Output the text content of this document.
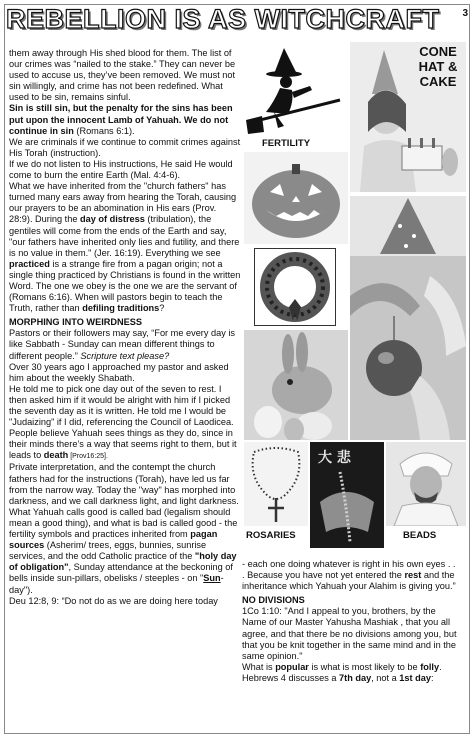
REBELLION IS AS WITCHCRAFT 3

them away through His shed blood for them. The list of our crimes was “nailed to the stake.” They can never be used to accuse us, they’ve been removed. We must not sin willingly, and crime has not been redefined. What used to be sin, remains sinful.

Sin is still sin, but the penalty for the sins has been put upon the innocent Lamb of Yahuah. We do not continue in sin (Romans 6:1).

We are criminals if we continue to commit crimes against His Torah (instruction).

If we do not listen to His instructions, He said He would come to burn the entire Earth (Mal. 4:4-6).

What we have inherited from the "church fathers" has turned many ears away from hearing the Torah, causing our prayers to be an abomination in His ears (Prov. 28:9). During the day of distress (tribulation), the gentiles will come from the ends of the Earth and say, "our fathers have inherited only lies and futility, and there is no value in them." (Jer. 16:19). Everything we see practiced is a strange fire from a pagan origin; not a single thing practiced by Christians is found in the written Word. The one we obey is the one we are the servant of (Romans 6:16). When will pastors begin to teach the Truth, rather than defiling traditions?

MORPHING INTO WEIRDNESS

Pastors or their followers may say, “For me every day is like Sabbath - Sunday can mean different things to different people.” Scripture text please?

Over 30 years ago I approached my pastor and asked him about the weekly Shabath.

He told me to pick one day out of the seven to rest. I then asked him if it would be alright with him if I picked the seventh day as it is written. He told me I would be "Judaizing" if I did, referencing the Council of Laodicea. People believe Yahuah sees things as they do, since in their minds there’s a way that seems right to them, but it leads to death [Prov16:25].

Private interpretation, and the contempt the church fathers had for the instructions (Torah), have led us far from the narrow way. Today the "way" has morphed into darkness, and we call darkness light, and light darkness. What Yahuah calls good is called bad (legalism should mean a good thing), and what is bad is called good - the fertility symbols and practices inherited from pagan sources (Asherim/ trees, eggs, bunnies, sunrise services, and the odd Catholic practice of the "holy day of obligation", Sunday attendance at the beckoning of bells inside sun-pillars, obelisks / steeples - on "Sun-day").

Deu 12:8, 9: “Do not do as we are doing here today

- each one doing whatever is right in his own eyes . . . Because you have not yet entered the rest and the inheritance which Yahuah your Alahim is giving you.”

NO DIVISIONS

1Co 1:10: "And I appeal to you, brothers, by the Name of our Master Yahusha Mashiak , that you all agree, and that there be no divisions among you, but that you be knit together in the same mind and in the same opinion."

What is popular is what is most likely to be folly. Hebrews 4 discusses a 7th day, not a 1st day:

FERTILITY
CONE
HAT &
CAKE
ROSARIES
大 悲
BEADS
